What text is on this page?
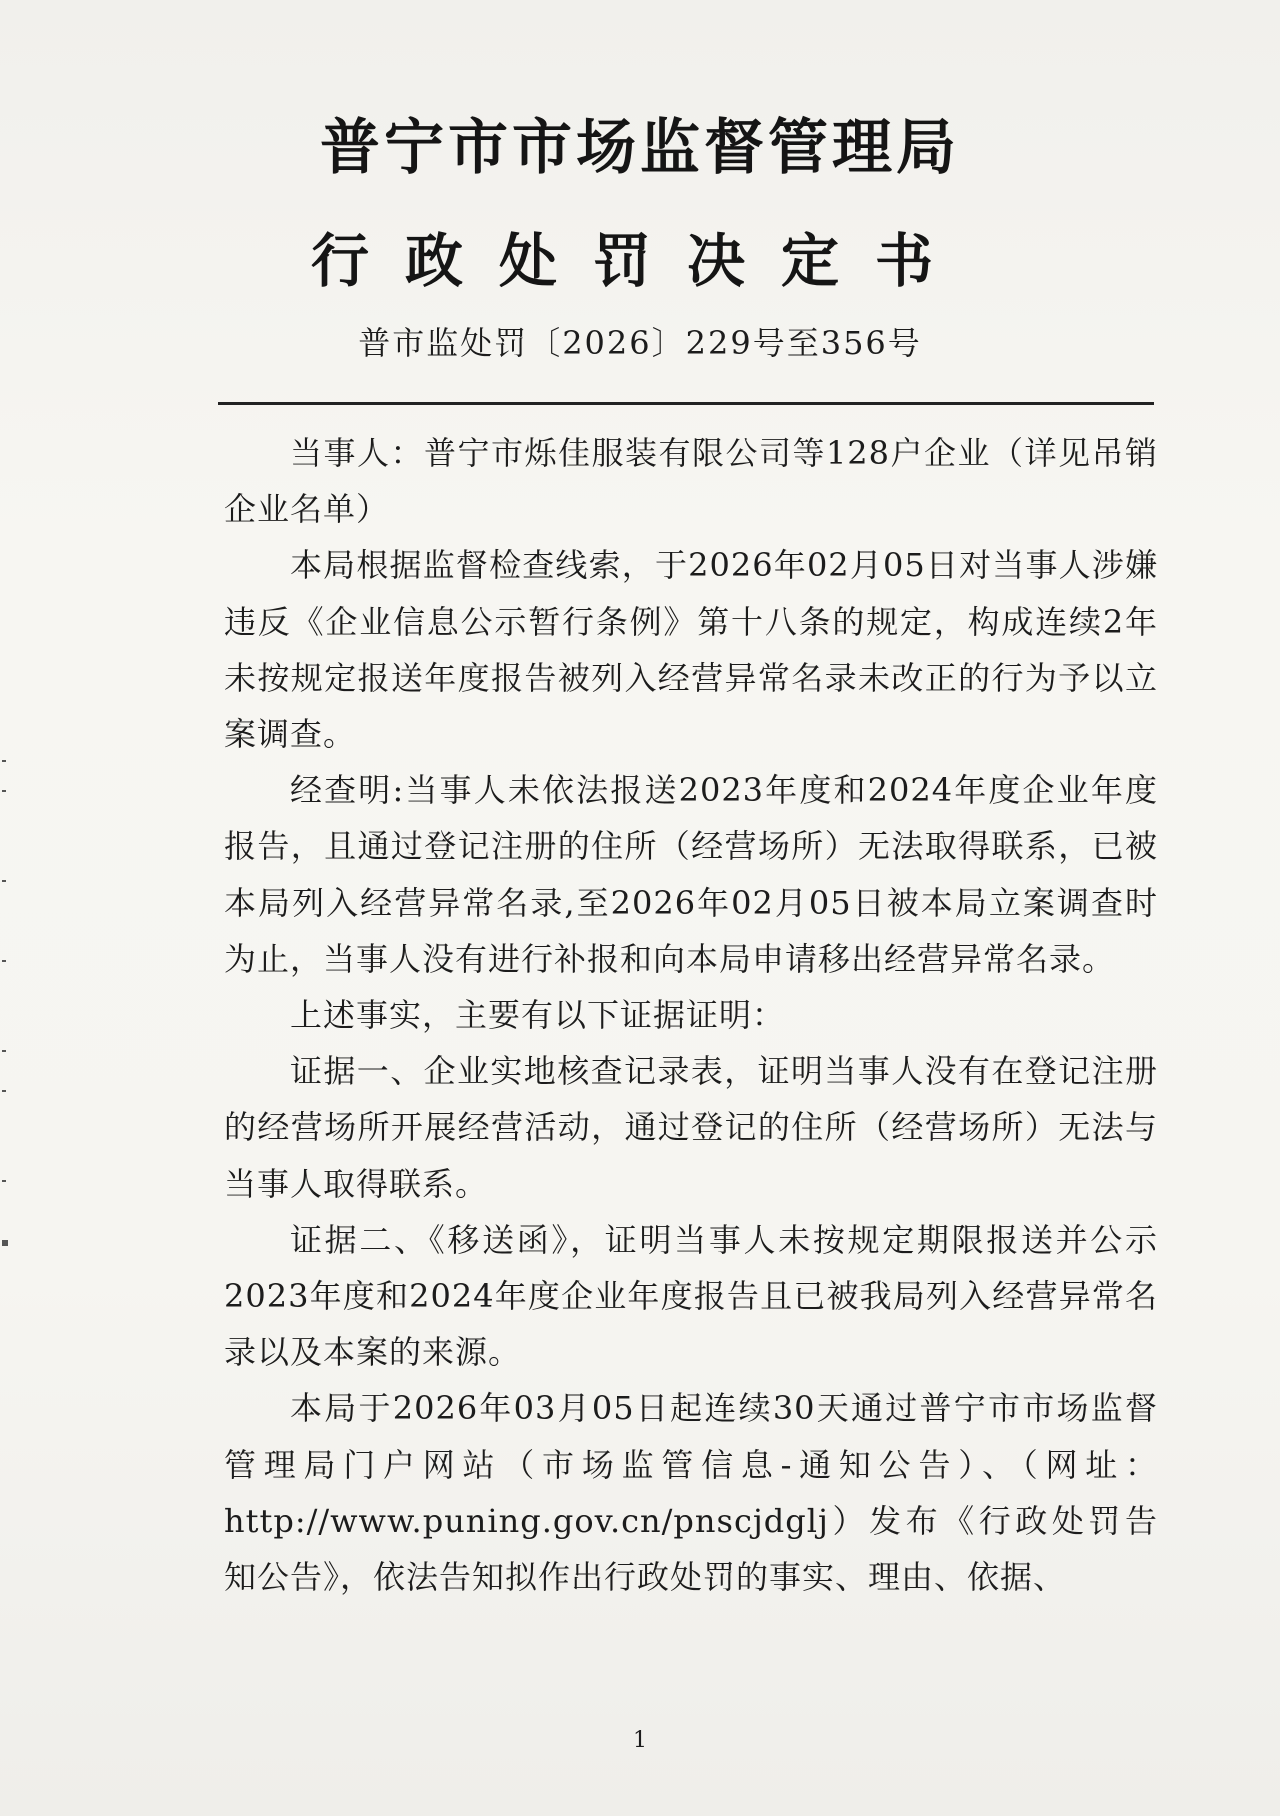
普宁市市场监督管理局
行政处罚决定书

普市监处罚〔2026〕229号至356号

当事人：普宁市烁佳服装有限公司等128户企业（详见吊销企业名单）

本局根据监督检查线索，于2026年02月05日对当事人涉嫌违反《企业信息公示暂行条例》第十八条的规定，构成连续2年未按规定报送年度报告被列入经营异常名录未改正的行为予以立案调查。

经查明:当事人未依法报送2023年度和2024年度企业年度报告，且通过登记注册的住所（经营场所）无法取得联系，已被本局列入经营异常名录,至2026年02月05日被本局立案调查时为止，当事人没有进行补报和向本局申请移出经营异常名录。

上述事实，主要有以下证据证明：

证据一、企业实地核查记录表，证明当事人没有在登记注册的经营场所开展经营活动，通过登记的住所（经营场所）无法与当事人取得联系。

证据二、《移送函》，证明当事人未按规定期限报送并公示2023年度和2024年度企业年度报告且已被我局列入经营异常名录以及本案的来源。

本局于2026年03月05日起连续30天通过普宁市市场监督管理局门户网站（市场监管信息-通知公告）、（网址：http://www.puning.gov.cn/pnscjdglj）发布《行政处罚告知公告》，依法告知拟作出行政处罚的事实、理由、依据、

1
